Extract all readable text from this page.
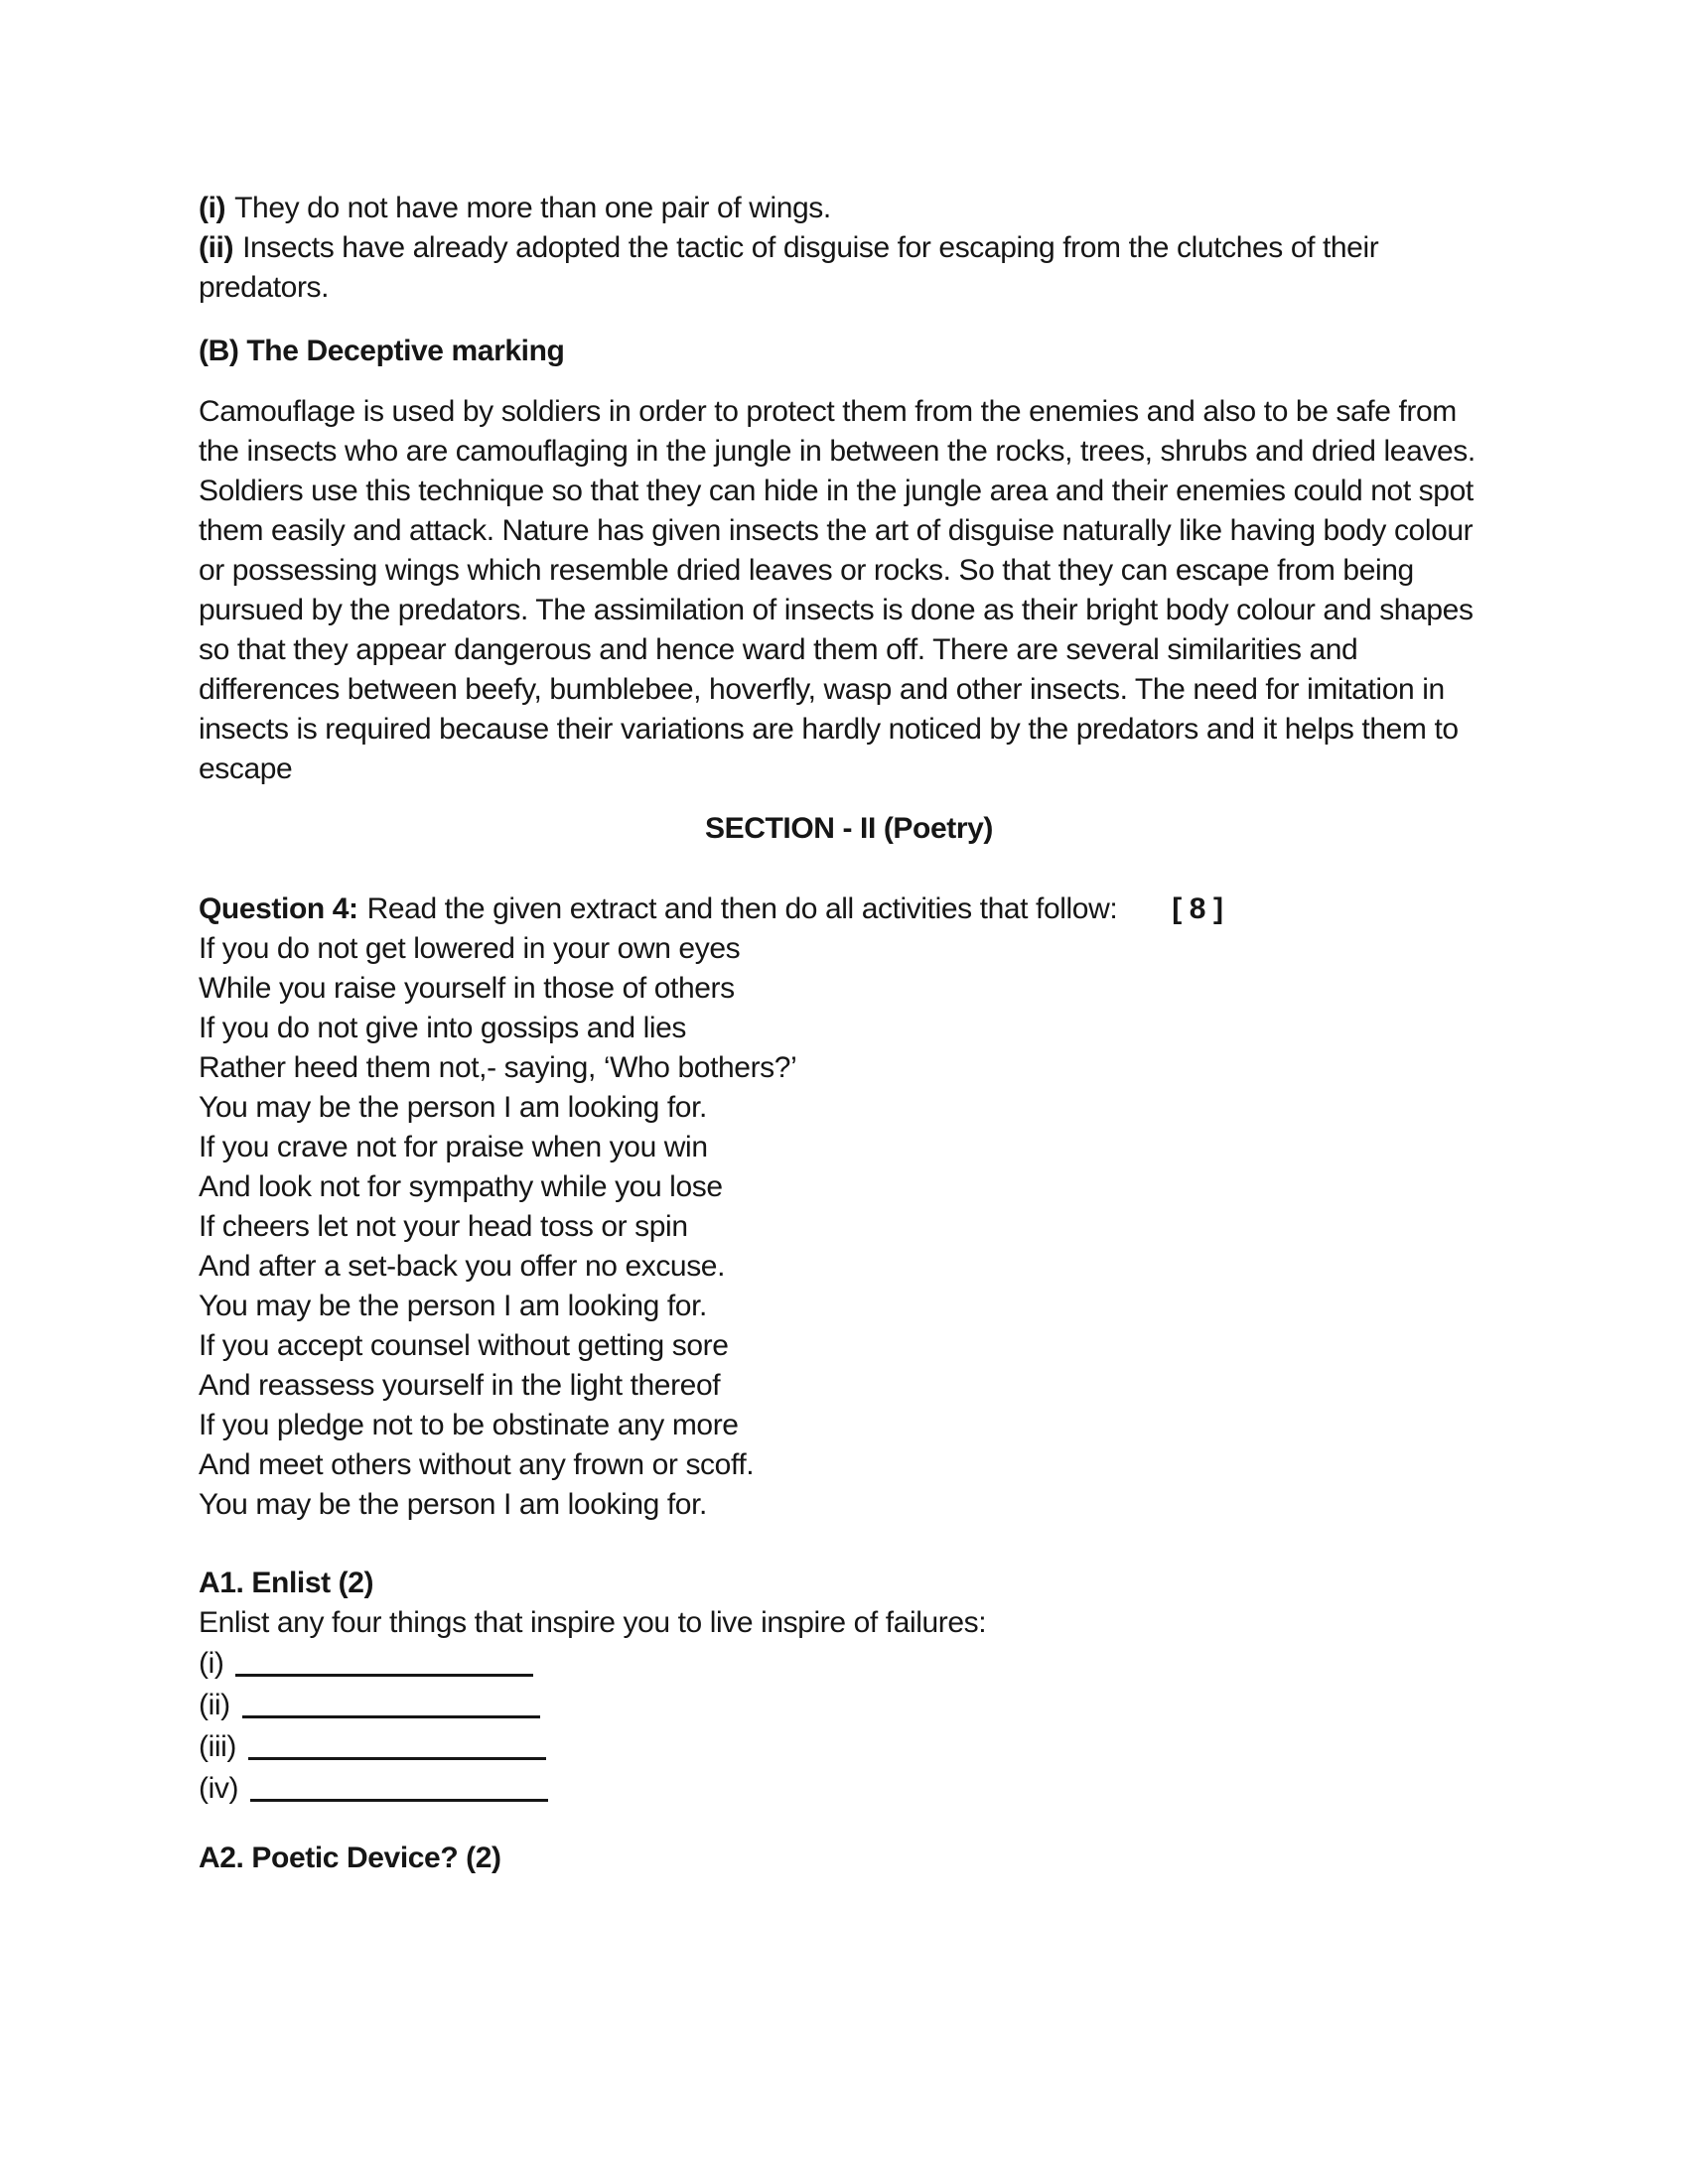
(i) They do not have more than one pair of wings.

(ii) Insects have already adopted the tactic of disguise for escaping from the clutches of their predators.

(B) The Deceptive marking

Camouflage is used by soldiers in order to protect them from the enemies and also to be safe from the insects who are camouflaging in the jungle in between the rocks, trees, shrubs and dried leaves. Soldiers use this technique so that they can hide in the jungle area and their enemies could not spot them easily and attack. Nature has given insects the art of disguise naturally like having body colour or possessing wings which resemble dried leaves or rocks. So that they can escape from being pursued by the predators. The assimilation of insects is done as their bright body colour and shapes so that they appear dangerous and hence ward them off. There are several similarities and differences between beefy, bumblebee, hoverfly, wasp and other insects. The need for imitation in insects is required because their variations are hardly noticed by the predators and it helps them to escape

SECTION - II (Poetry)

Question 4: Read the given extract and then do all activities that follow: [ 8 ]

If you do not get lowered in your own eyes

While you raise yourself in those of others

If you do not give into gossips and lies

Rather heed them not,- saying, ‘Who bothers?’

You may be the person I am looking for.

If you crave not for praise when you win

And look not for sympathy while you lose

If cheers let not your head toss or spin

And after a set-back you offer no excuse.

You may be the person I am looking for.

If you accept counsel without getting sore

And reassess yourself in the light thereof

If you pledge not to be obstinate any more

And meet others without any frown or scoff.

You may be the person I am looking for.

A1. Enlist (2)

Enlist any four things that inspire you to live inspire of failures:

(i)
(ii)
(iii)
(iv)

A2. Poetic Device? (2)
